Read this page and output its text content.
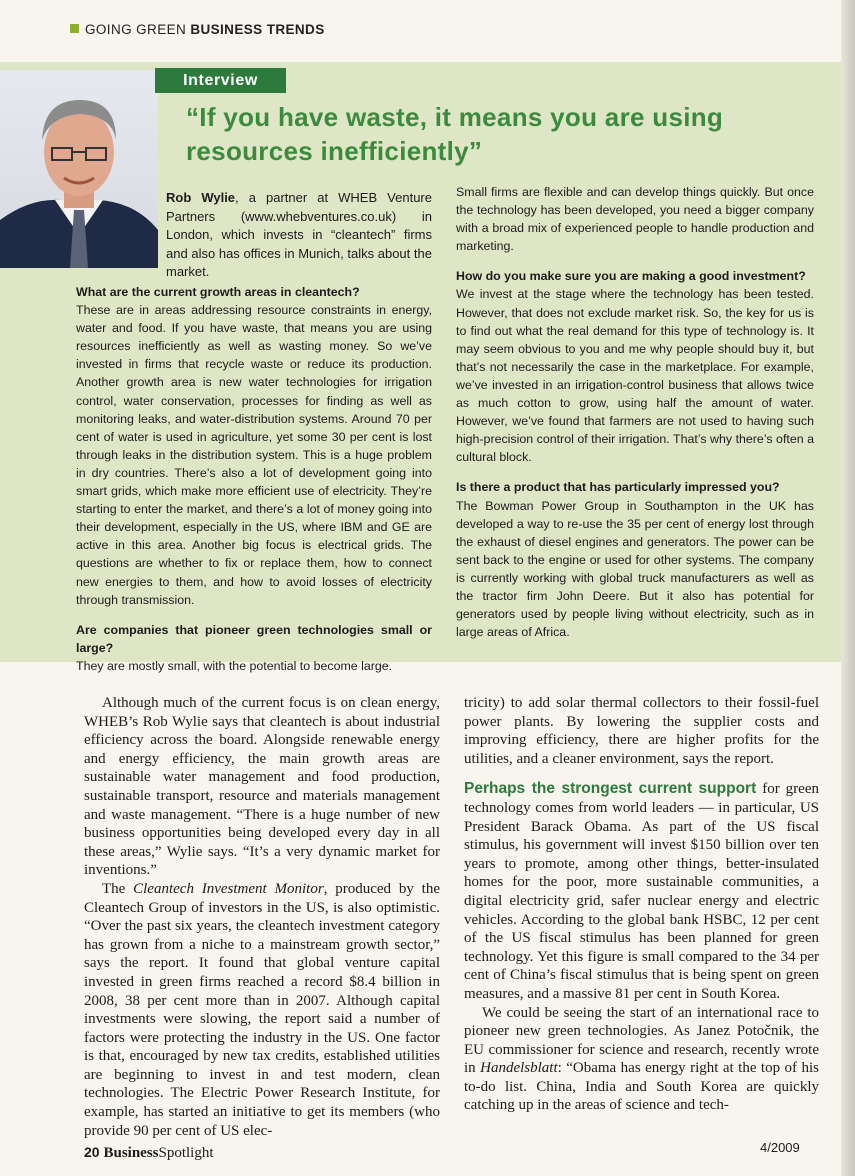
GOING GREEN BUSINESS TRENDS
Interview
“If you have waste, it means you are using resources inefficiently”
Rob Wylie, a partner at WHEB Venture Partners (www.whebventures.co.uk) in London, which invests in “cleantech” firms and also has offices in Munich, talks about the market.

What are the current growth areas in cleantech?
These are in areas addressing resource constraints in energy, water and food. If you have waste, that means you are using resources inefficiently as well as wasting money. So we’ve invested in firms that recycle waste or reduce its production. Another growth area is new water technologies for irrigation control, water conservation, processes for finding as well as monitoring leaks, and water-distribution systems. Around 70 per cent of water is used in agriculture, yet some 30 per cent is lost through leaks in the distribution system. This is a huge problem in dry countries. There’s also a lot of development going into smart grids, which make more efficient use of electricity. They’re starting to enter the market, and there’s a lot of money going into their development, especially in the US, where IBM and GE are active in this area. Another big focus is electrical grids. The questions are whether to fix or replace them, how to connect new energies to them, and how to avoid losses of electricity through transmission.

Are companies that pioneer green technologies small or large?
They are mostly small, with the potential to become large.

Small firms are flexible and can develop things quickly. But once the technology has been developed, you need a bigger company with a broad mix of experienced people to handle production and marketing.

How do you make sure you are making a good investment?
We invest at the stage where the technology has been tested. However, that does not exclude market risk. So, the key for us is to find out what the real demand for this type of technology is. It may seem obvious to you and me why people should buy it, but that’s not necessarily the case in the marketplace. For example, we’ve invested in an irrigation-control business that allows twice as much cotton to grow, using half the amount of water. However, we’ve found that farmers are not used to having such high-precision control of their irrigation. That’s why there’s often a cultural block.

Is there a product that has particularly impressed you?
The Bowman Power Group in Southampton in the UK has developed a way to re-use the 35 per cent of energy lost through the exhaust of diesel engines and generators. The power can be sent back to the engine or used for other systems. The company is currently working with global truck manufacturers as well as the tractor firm John Deere. But it also has potential for generators used by people living without electricity, such as in large areas of Africa.

Although much of the current focus is on clean energy, WHEB’s Rob Wylie says that cleantech is about industrial efficiency across the board. Alongside renewable energy and energy efficiency, the main growth areas are sustainable water management and food production, sustainable transport, resource and materials management and waste management. “There is a huge number of new business opportunities being developed every day in all these areas,” Wylie says. “It’s a very dynamic market for inventions.”

The Cleantech Investment Monitor, produced by the Cleantech Group of investors in the US, is also optimistic. “Over the past six years, the cleantech investment category has grown from a niche to a mainstream growth sector,” says the report. It found that global venture capital invested in green firms reached a record $8.4 billion in 2008, 38 per cent more than in 2007. Although capital investments were slowing, the report said a number of factors were protecting the industry in the US. One factor is that, encouraged by new tax credits, established utilities are beginning to invest in and test modern, clean technologies. The Electric Power Research Institute, for example, has started an initiative to get its members (who provide 90 per cent of US elec-

tricity) to add solar thermal collectors to their fossil-fuel power plants. By lowering the supplier costs and improving efficiency, there are higher profits for the utilities, and a cleaner environment, says the report.

Perhaps the strongest current support for green technology comes from world leaders — in particular, US President Barack Obama. As part of the US fiscal stimulus, his government will invest $150 billion over ten years to promote, among other things, better-insulated homes for the poor, more sustainable communities, a digital electricity grid, safer nuclear energy and electric vehicles. According to the global bank HSBC, 12 per cent of the US fiscal stimulus has been planned for green technology. Yet this figure is small compared to the 34 per cent of China’s fiscal stimulus that is being spent on green measures, and a massive 81 per cent in South Korea.

We could be seeing the start of an international race to pioneer new green technologies. As Janez Potočnik, the EU commissioner for science and research, recently wrote in Handelsblatt: “Obama has energy right at the top of his to-do list. China, India and South Korea are quickly catching up in the areas of science and tech-

20 BusinessSpotlight	4/2009
